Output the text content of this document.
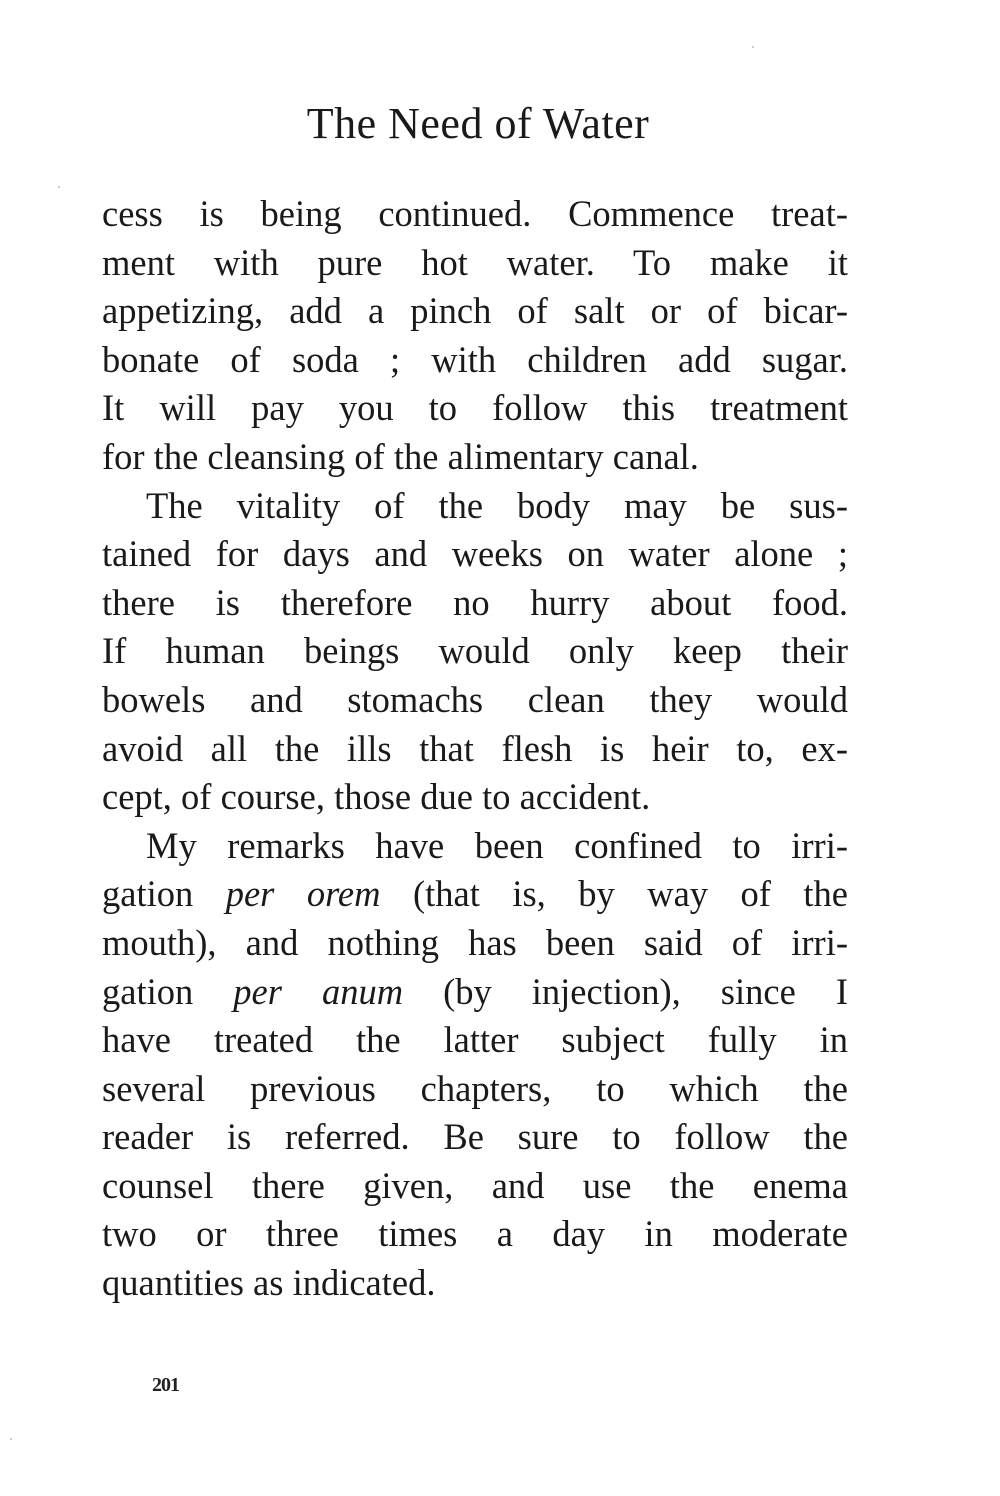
The Need of Water
cess is being continued. Commence treat-
ment with pure hot water. To make it
appetizing, add a pinch of salt or of bicar-
bonate of soda ; with children add sugar.
It will pay you to follow this treatment
for the cleansing of the alimentary canal.
The vitality of the body may be sus-
tained for days and weeks on water alone ;
there is therefore no hurry about food.
If human beings would only keep their
bowels and stomachs clean they would
avoid all the ills that flesh is heir to, ex-
cept, of course, those due to accident.
My remarks have been confined to irri-
gation per orem (that is, by way of the
mouth), and nothing has been said of irri-
gation per anum (by injection), since I
have treated the latter subject fully in
several previous chapters, to which the
reader is referred. Be sure to follow the
counsel there given, and use the enema
two or three times a day in moderate
quantities as indicated.
201
